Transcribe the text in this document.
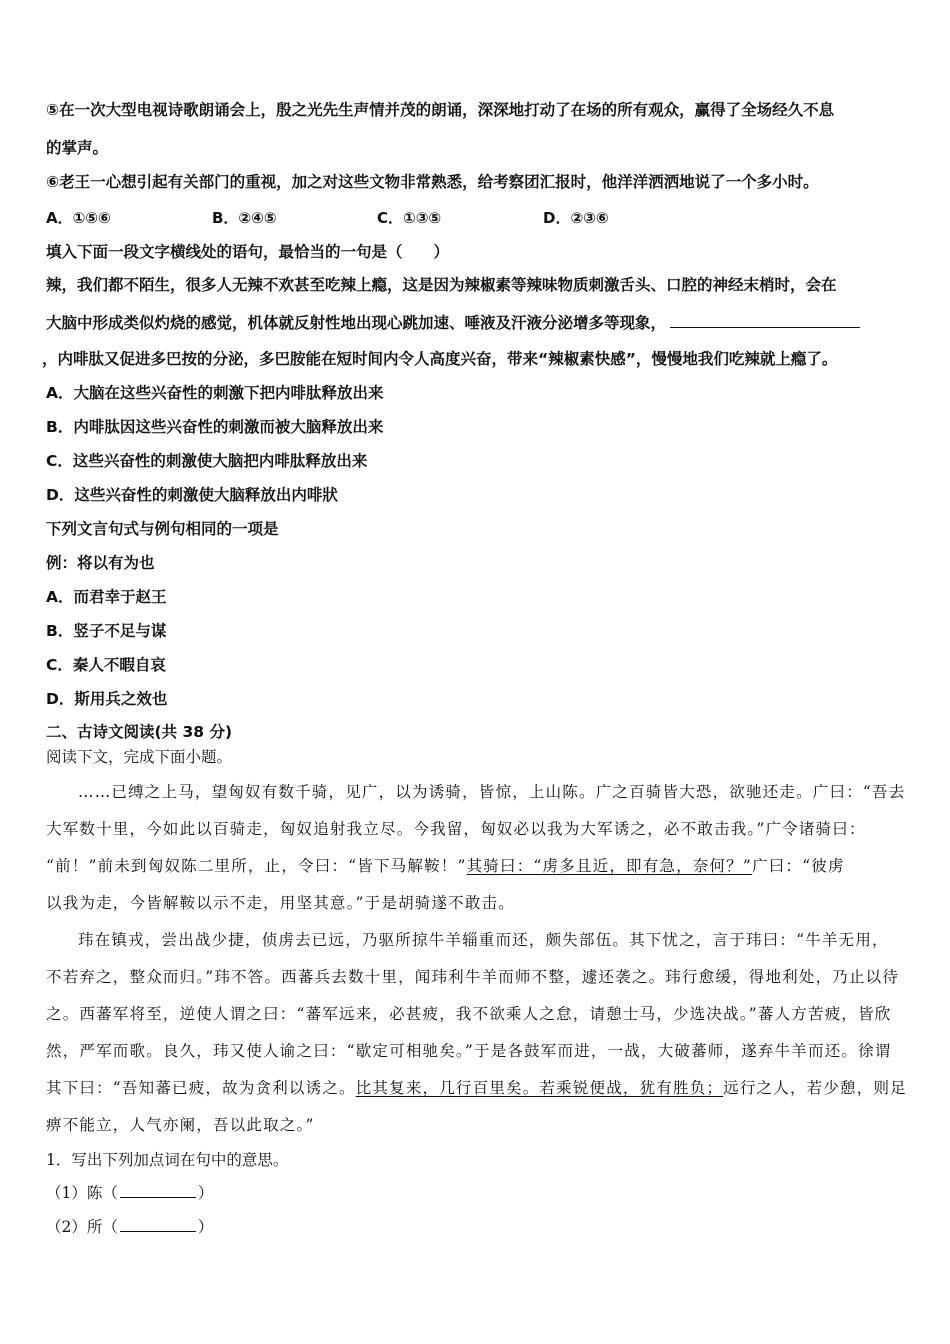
⑤在一次大型电视诗歌朗诵会上，殷之光先生声情并茂的朗诵，深深地打动了在场的所有观众，赢得了全场经久不息
的掌声。
⑥老王一心想引起有关部门的重视，加之对这些文物非常熟悉，给考察团汇报时，他洋洋洒洒地说了一个多小时。
A．①⑤⑥	B．②④⑤	C．①③⑤	D．②③⑥
填入下面一段文字横线处的语句，最恰当的一句是（　　）
辣，我们都不陌生，很多人无辣不欢甚至吃辣上瘾，这是因为辣椒素等辣味物质刺激舌头、口腔的神经末梢时，会在
大脑中形成类似灼烧的感觉，机体就反射性地出现心跳加速、唾液及汗液分泌增多等现象，
，内啡肽又促进多巴按的分泌，多巴胺能在短时间内令人高度兴奋，带来“辣椒素快感”，慢慢地我们吃辣就上瘾了。
A．大脑在这些兴奋性的刺激下把内啡肽释放出来
B．内啡肽因这些兴奋性的刺激而被大脑释放出来
C．这些兴奋性的刺激使大脑把内啡肽释放出来
D．这些兴奋性的刺激使大脑释放出内啡狀
下列文言句式与例句相同的一项是
例：将以有为也
A．而君幸于赵王
B．竖子不足与谋
C．秦人不暇自哀
D．斯用兵之效也
二、古诗文阅读(共 38 分)
阅读下文，完成下面小题。
……已缚之上马，望匈奴有数千骑，见广，以为诱骑，皆惊，上山陈。广之百骑皆大恐，欲驰还走。广曰：“吾去
大军数十里，今如此以百骑走，匈奴追射我立尽。今我留，匈奴必以我为大军诱之，必不敢击我。”广令诸骑曰：
“前！”前未到匈奴陈二里所，止，令曰：“皆下马解鞍！”其骑曰：“虏多且近，即有急，奈何？”广曰：“彼虏
以我为走，今皆解鞍以示不走，用坚其意。”于是胡骑遂不敢击。
玮在镇戎，尝出战少捷，侦虏去已远，乃驱所掠牛羊辎重而还，颇失部伍。其下忧之，言于玮曰：“牛羊无用，
不若弃之，整众而归。”玮不答。西蕃兵去数十里，闻玮利牛羊而师不整，遽还袭之。玮行愈缓，得地利处，乃止以待
之。西蕃军将至，逆使人谓之曰：“蕃军远来，必甚疲，我不欲乘人之怠，请憩士马，少选决战。”蕃人方苦疲，皆欣
然，严军而歌。良久，玮又使人谕之曰：“歇定可相驰矣。”于是各鼓军而进，一战，大破蕃师，遂弃牛羊而还。徐谓
其下曰：“吾知蕃已疲，故为贪利以诱之。比其复来，几行百里矣。若乘锐便战，犹有胜负；远行之人，若少憩，则足
痹不能立，人气亦阑，吾以此取之。”
1．写出下列加点词在句中的意思。
（1）陈（	）
（2）所（	）
